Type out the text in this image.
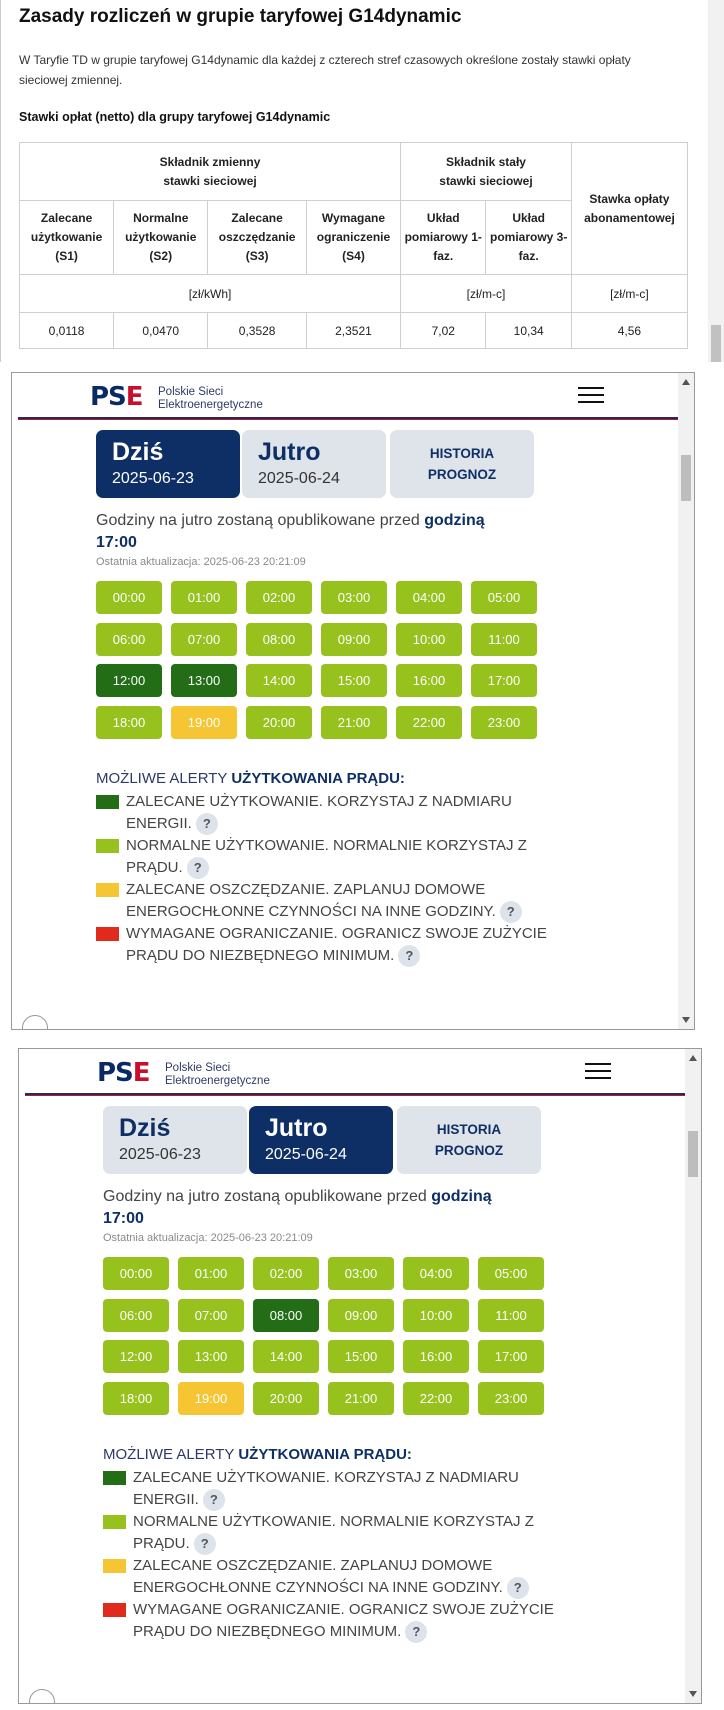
Zasady rozliczeń w grupie taryfowej G14dynamic

W Taryfie TD w grupie taryfowej G14dynamic dla każdej z czterech stref czasowych określone zostały stawki opłaty sieciowej zmiennej.

Stawki opłat (netto) dla grupy taryfowej G14dynamic
Składnik zmienny stawki sieciowej				Składnik stały stawki sieciowej		Stawka opłaty abonamentowej
Zalecane użytkowanie (S1)	Normalne użytkowanie (S2)	Zalecane oszczędzanie (S3)	Wymagane ograniczenie (S4)	Układ pomiarowy 1-faz.	Układ pomiarowy 3-faz.	
[zł/kWh]				[zł/m-c]		[zł/m-c]
0,0118	0,0470	0,3528	2,3521	7,02	10,34	4,56
PSE Polskie Sieci
Elektroenergetyczne
Dziś
2025-06-23
Jutro
2025-06-24
HISTORIA
PROGNOZ

Godziny na jutro zostaną opublikowane przed godziną
17:00

Ostatnia aktualizacja: 2025-06-23 20:21:09

00:00	01:00	02:00	03:00	04:00	05:00
06:00	07:00	08:00	09:00	10:00	11:00
12:00	13:00	14:00	15:00	16:00	17:00
18:00	19:00	20:00	21:00	22:00	23:00
MOŻLIWE ALERTY UŻYTKOWANIA PRĄDU:
ZALECANE UŻYTKOWANIE. KORZYSTAJ Z NADMIARU ENERGII. ?
NORMALNE UŻYTKOWANIE. NORMALNIE KORZYSTAJ Z PRĄDU. ?
ZALECANE OSZCZĘDZANIE. ZAPLANUJ DOMOWE ENERGOCHŁONNE CZYNNOŚCI NA INNE GODZINY. ?
WYMAGANE OGRANICZANIE. OGRANICZ SWOJE ZUŻYCIE PRĄDU DO NIEZBĘDNEGO MINIMUM. ?
PSE Polskie Sieci
Elektroenergetyczne
Dziś
2025-06-23
Jutro
2025-06-24
HISTORIA
PROGNOZ

Godziny na jutro zostaną opublikowane przed godziną
17:00

Ostatnia aktualizacja: 2025-06-23 20:21:09

00:00	01:00	02:00	03:00	04:00	05:00
06:00	07:00	08:00	09:00	10:00	11:00
12:00	13:00	14:00	15:00	16:00	17:00
18:00	19:00	20:00	21:00	22:00	23:00
MOŻLIWE ALERTY UŻYTKOWANIA PRĄDU:
ZALECANE UŻYTKOWANIE. KORZYSTAJ Z NADMIARU ENERGII. ?
NORMALNE UŻYTKOWANIE. NORMALNIE KORZYSTAJ Z PRĄDU. ?
ZALECANE OSZCZĘDZANIE. ZAPLANUJ DOMOWE ENERGOCHŁONNE CZYNNOŚCI NA INNE GODZINY. ?
WYMAGANE OGRANICZANIE. OGRANICZ SWOJE ZUŻYCIE PRĄDU DO NIEZBĘDNEGO MINIMUM. ?
